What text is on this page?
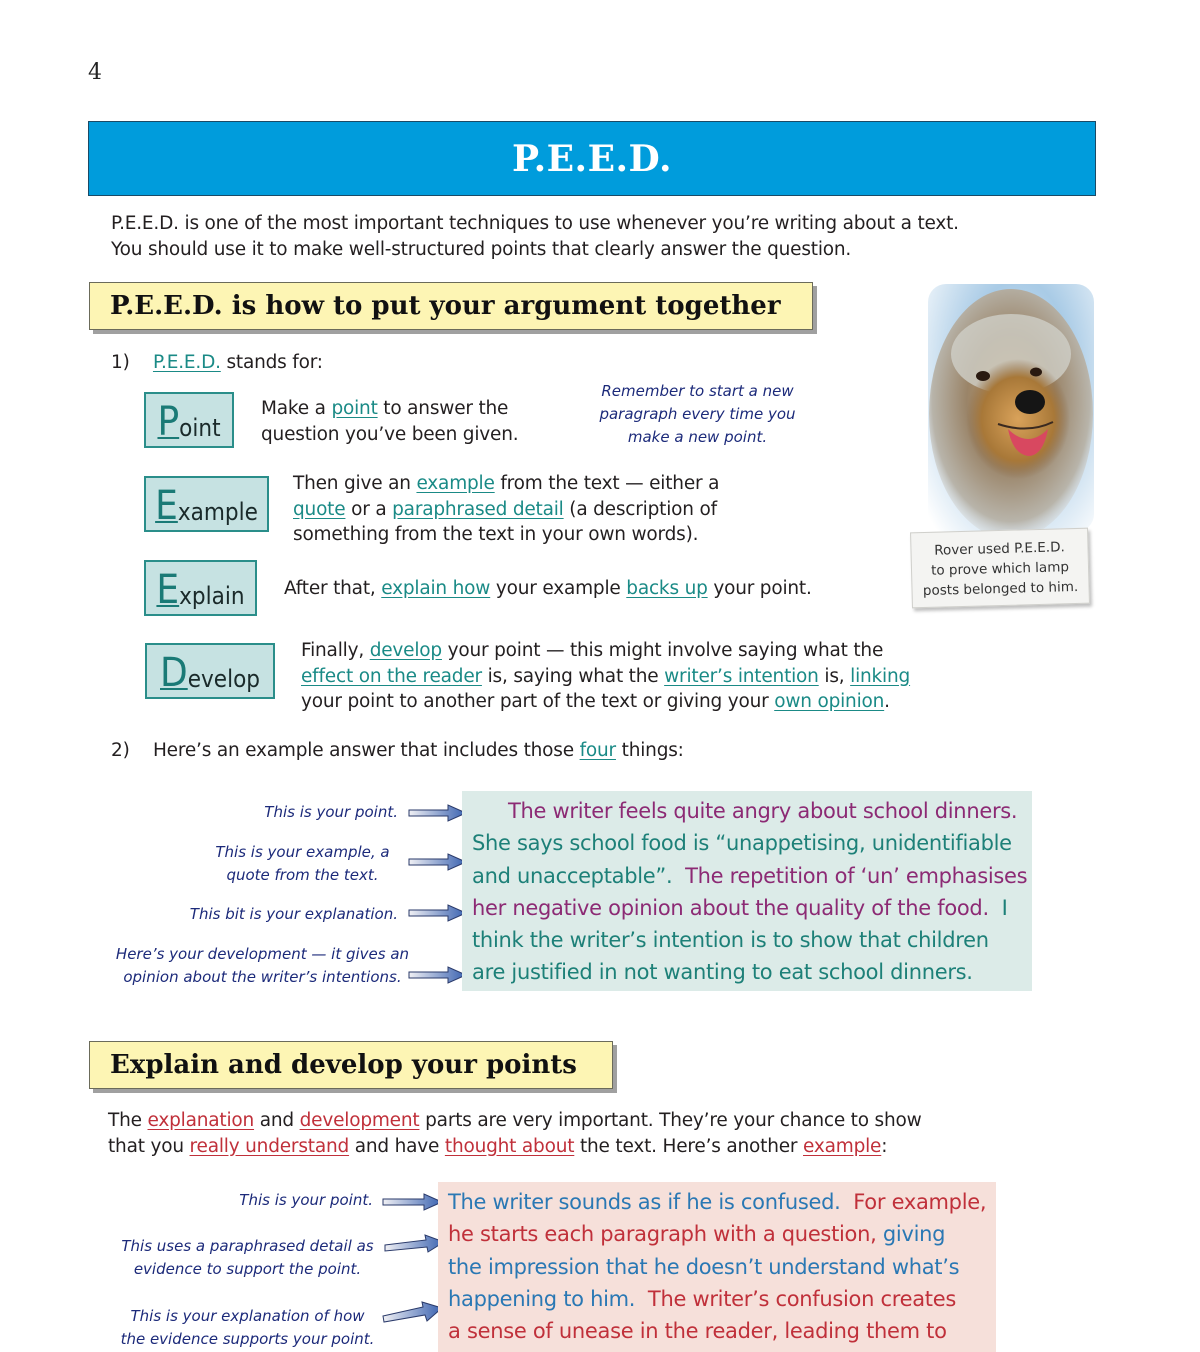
4
P.E.E.D.
P.E.E.D. is one of the most important techniques to use whenever you’re writing about a text.
You should use it to make well-structured points that clearly answer the question.
P.E.E.D. is how to put your argument together
1) P.E.E.D. stands for:
Remember to start a new paragraph every time you make a new point.
P oint
Make a point to answer the
question you’ve been given.
E xample
Then give an example from the text — either a
quote or a paraphrased detail (a description of
something from the text in your own words).
E xplain After that, explain how your example backs up your point.
D evelop
Finally, develop your point — this might involve saying what the
effect on the reader is, saying what the writer’s intention is, linking
your point to another part of the text or giving your own opinion.
Rover used P.E.E.D.
to prove which lamp
posts belonged to him.
2) Here’s an example answer that includes those four things:
This is your point.
This is your example, a
quote from the text.
This bit is your explanation.
Here’s your development — it gives an
opinion about the writer’s intentions.
The writer feels quite angry about school dinners.
She says school food is “unappetising, unidentifiable
and unacceptable”. The repetition of ‘un’ emphasises
her negative opinion about the quality of the food. I
think the writer’s intention is to show that children
are justified in not wanting to eat school dinners.
Explain and develop your points
The explanation and development parts are very important. They’re your chance to show
that you really understand and have thought about the text. Here’s another example:
This is your point.
This uses a paraphrased detail as
evidence to support the point.
This is your explanation of how
the evidence supports your point.
The writer sounds as if he is confused. For example,
he starts each paragraph with a question, giving
the impression that he doesn’t understand what’s
happening to him. The writer’s confusion creates
a sense of unease in the reader, leading them to
